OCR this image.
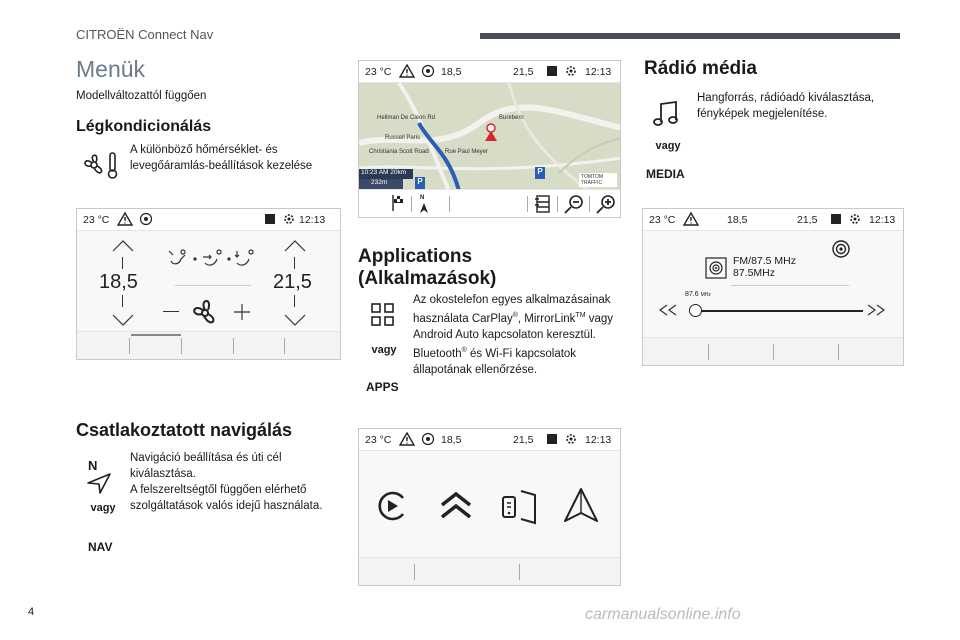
CITROËN Connect Nav
Menük
Modellváltozattól függően
Légkondicionálás
A különböző hőmérséklet- és levegőáramlás-beállítások kezelése
23 °C	12:13
18,5	21,5
Csatlakoztatott navigálás
N
vagy
NAV
Navigáció beállítása és úti cél kiválasztása.
A felszereltségtől függően elérhető szolgáltatások valós idejű használata.
23 °C	18,5	21,5	12:13
Hellman De Cleon Rd
Russell Paris
Christiania Scott Road	Rue Paul Meyer
Burebern
10:23 AM 20km
232m	P
P
TOMTOM TRAFFIC
N
Applications
(Alkalmazások)
vagy
APPS
Az okostelefon egyes alkalmazásainak használata CarPlay®, MirrorLink™ vagy Android Auto kapcsolaton keresztül. Bluetooth® és Wi-Fi kapcsolatok állapotának ellenőrzése.
23 °C	18,5	21,5	12:13
Rádió média
vagy
MEDIA
Hangforrás, rádióadó kiválasztása, fényképek megjelenítése.
23 °C	18,5	21,5	12:13
FM/87.5 MHz
87.5MHz
87.6 MHz
4	carmanualsonline.info
